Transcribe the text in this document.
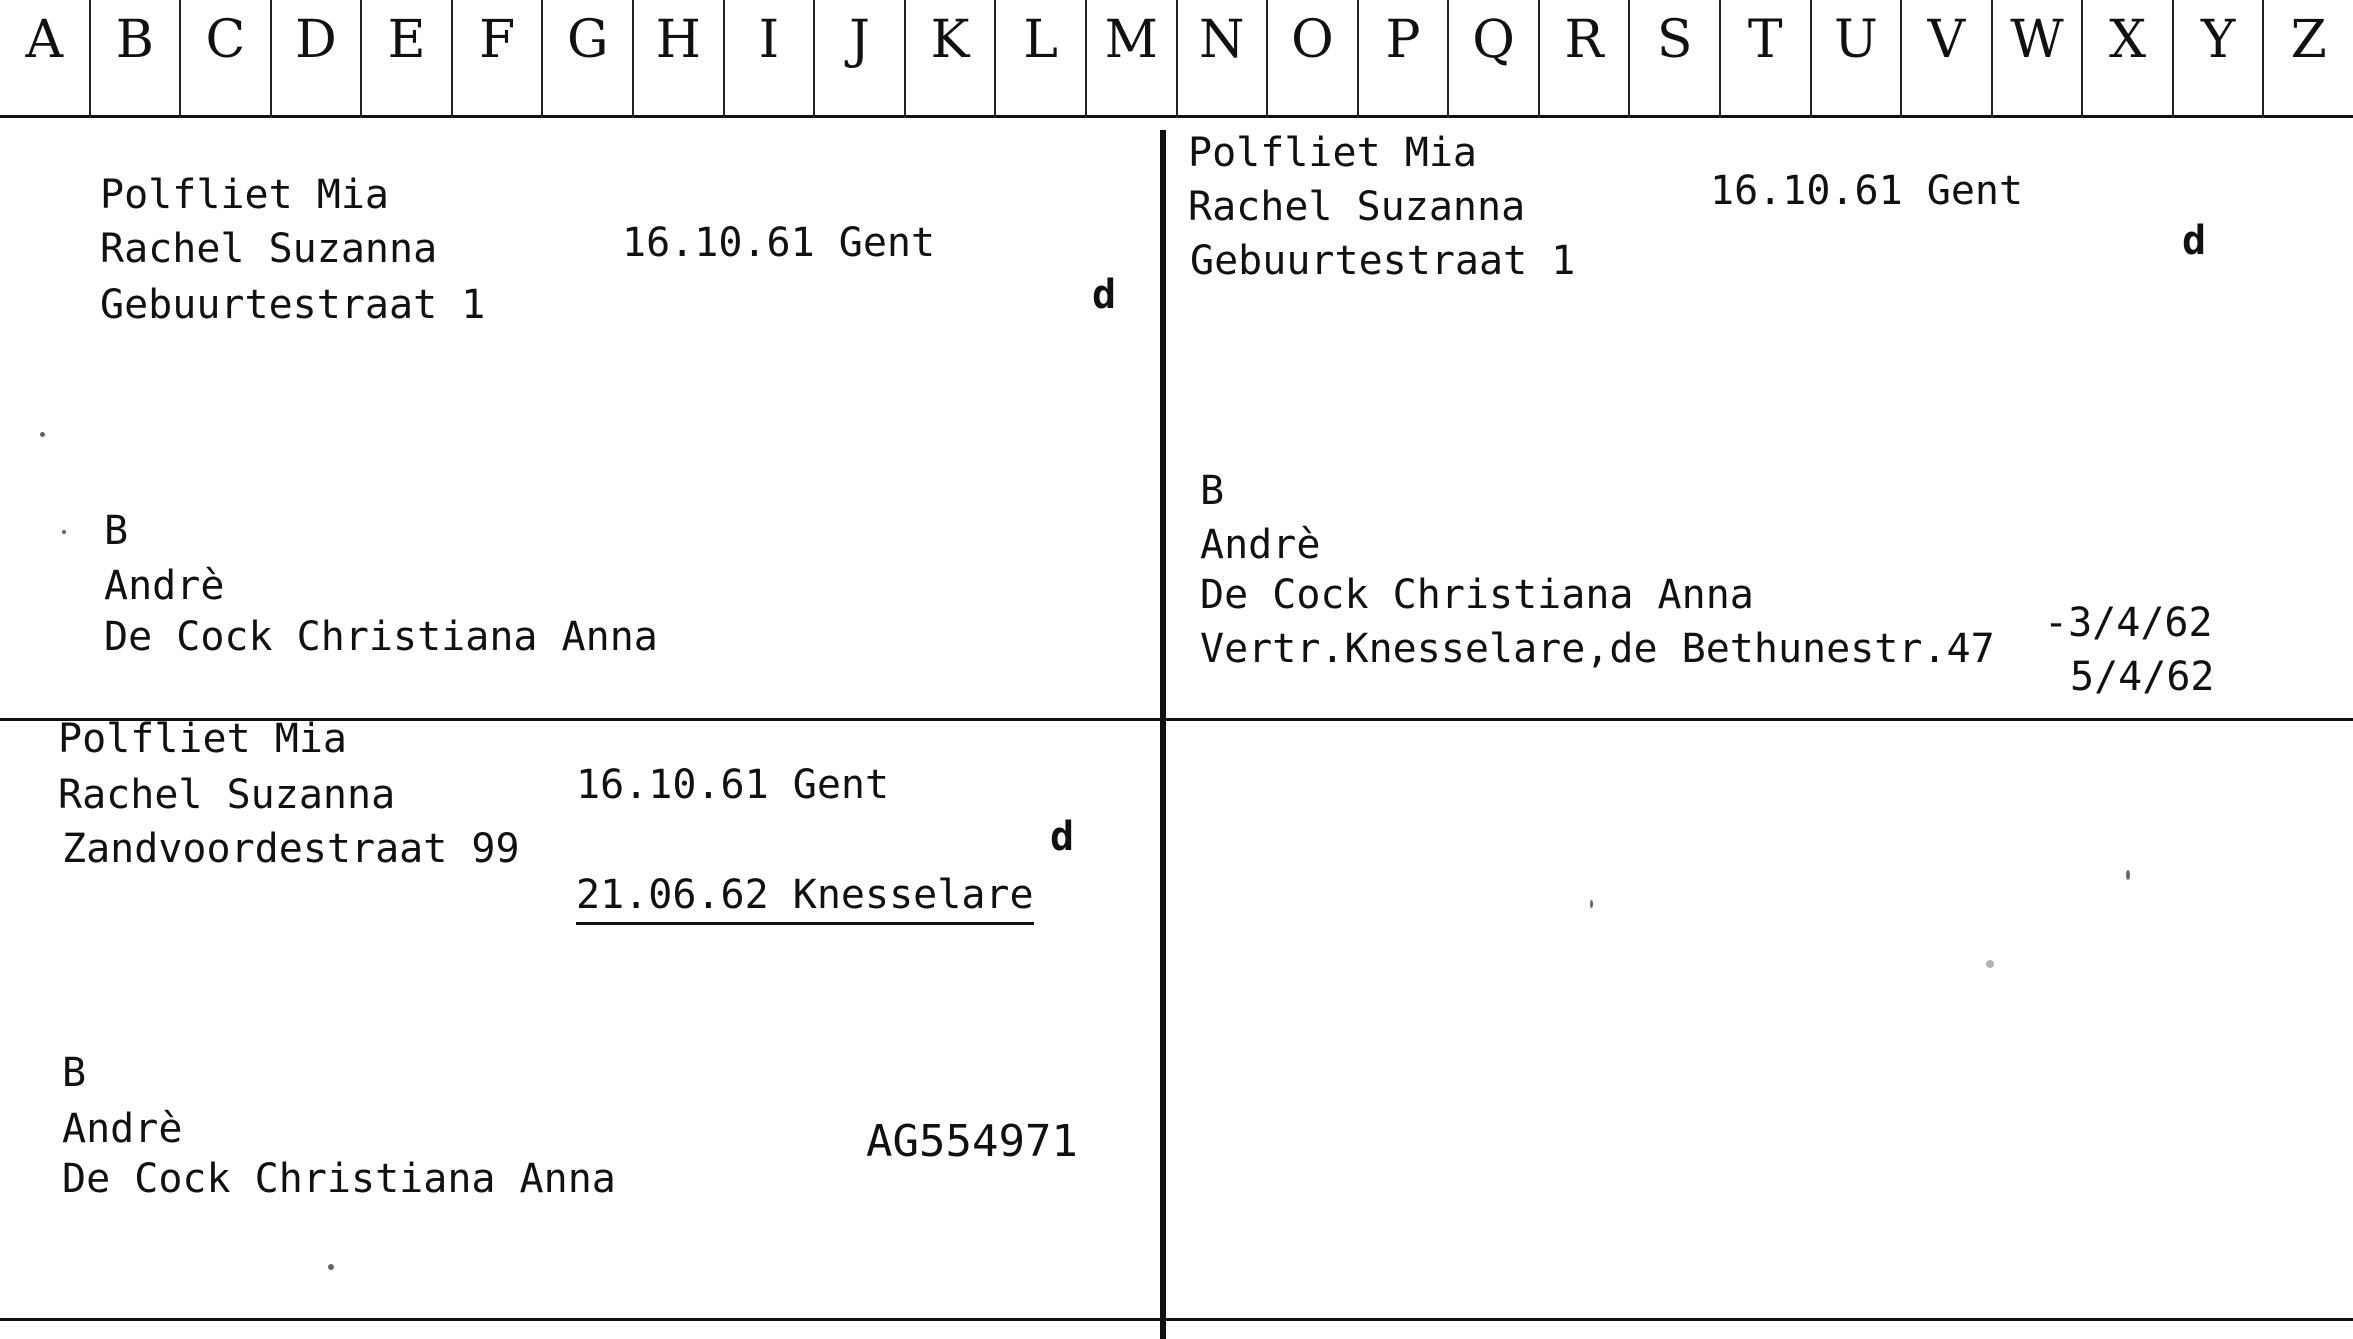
A	B C D E	F G H	I	J	K	L M N O P Q R	S	T U V W X	Y	Z
Polfliet Mia
Rachel Suzanna	16.10.61 Gent
Gebuurtestraat 1	d
B
Andrè
De Cock Christiana Anna
Polfliet Mia
Rachel Suzanna	16.10.61 Gent
Gebuurtestraat 1	d
B
Andrè
De Cock Christiana Anna
Vertr.Knesselare,de Bethunestr.47
-3/4/62
5/4/62
Polfliet Mia
Rachel Suzanna	16.10.61 Gent
Zandvoordestraat 99	d
21.06.62 Knesselare
B
Andrè
De Cock Christiana Anna
AG554971
